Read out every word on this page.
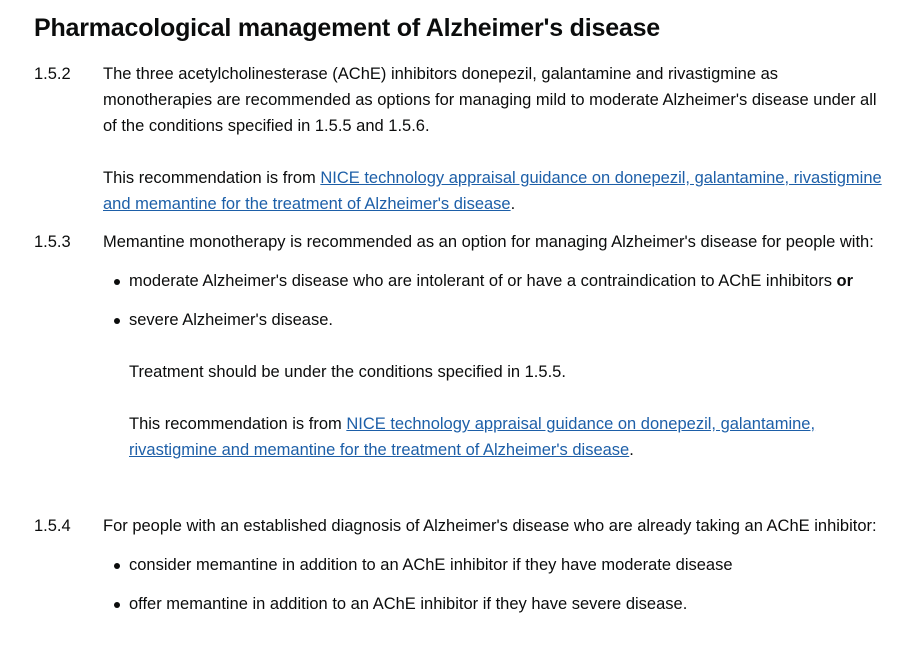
Pharmacological management of Alzheimer's disease
1.5.2 The three acetylcholinesterase (AChE) inhibitors donepezil, galantamine and rivastigmine as monotherapies are recommended as options for managing mild to moderate Alzheimer's disease under all of the conditions specified in 1.5.5 and 1.5.6.

This recommendation is from NICE technology appraisal guidance on donepezil, galantamine, rivastigmine and memantine for the treatment of Alzheimer's disease.

1.5.3 Memantine monotherapy is recommended as an option for managing Alzheimer's disease for people with:

moderate Alzheimer's disease who are intolerant of or have a contraindication to AChE inhibitors or
severe Alzheimer's disease.

Treatment should be under the conditions specified in 1.5.5.

This recommendation is from NICE technology appraisal guidance on donepezil, galantamine, rivastigmine and memantine for the treatment of Alzheimer's disease.

1.5.4 For people with an established diagnosis of Alzheimer's disease who are already taking an AChE inhibitor:

consider memantine in addition to an AChE inhibitor if they have moderate disease
offer memantine in addition to an AChE inhibitor if they have severe disease.
